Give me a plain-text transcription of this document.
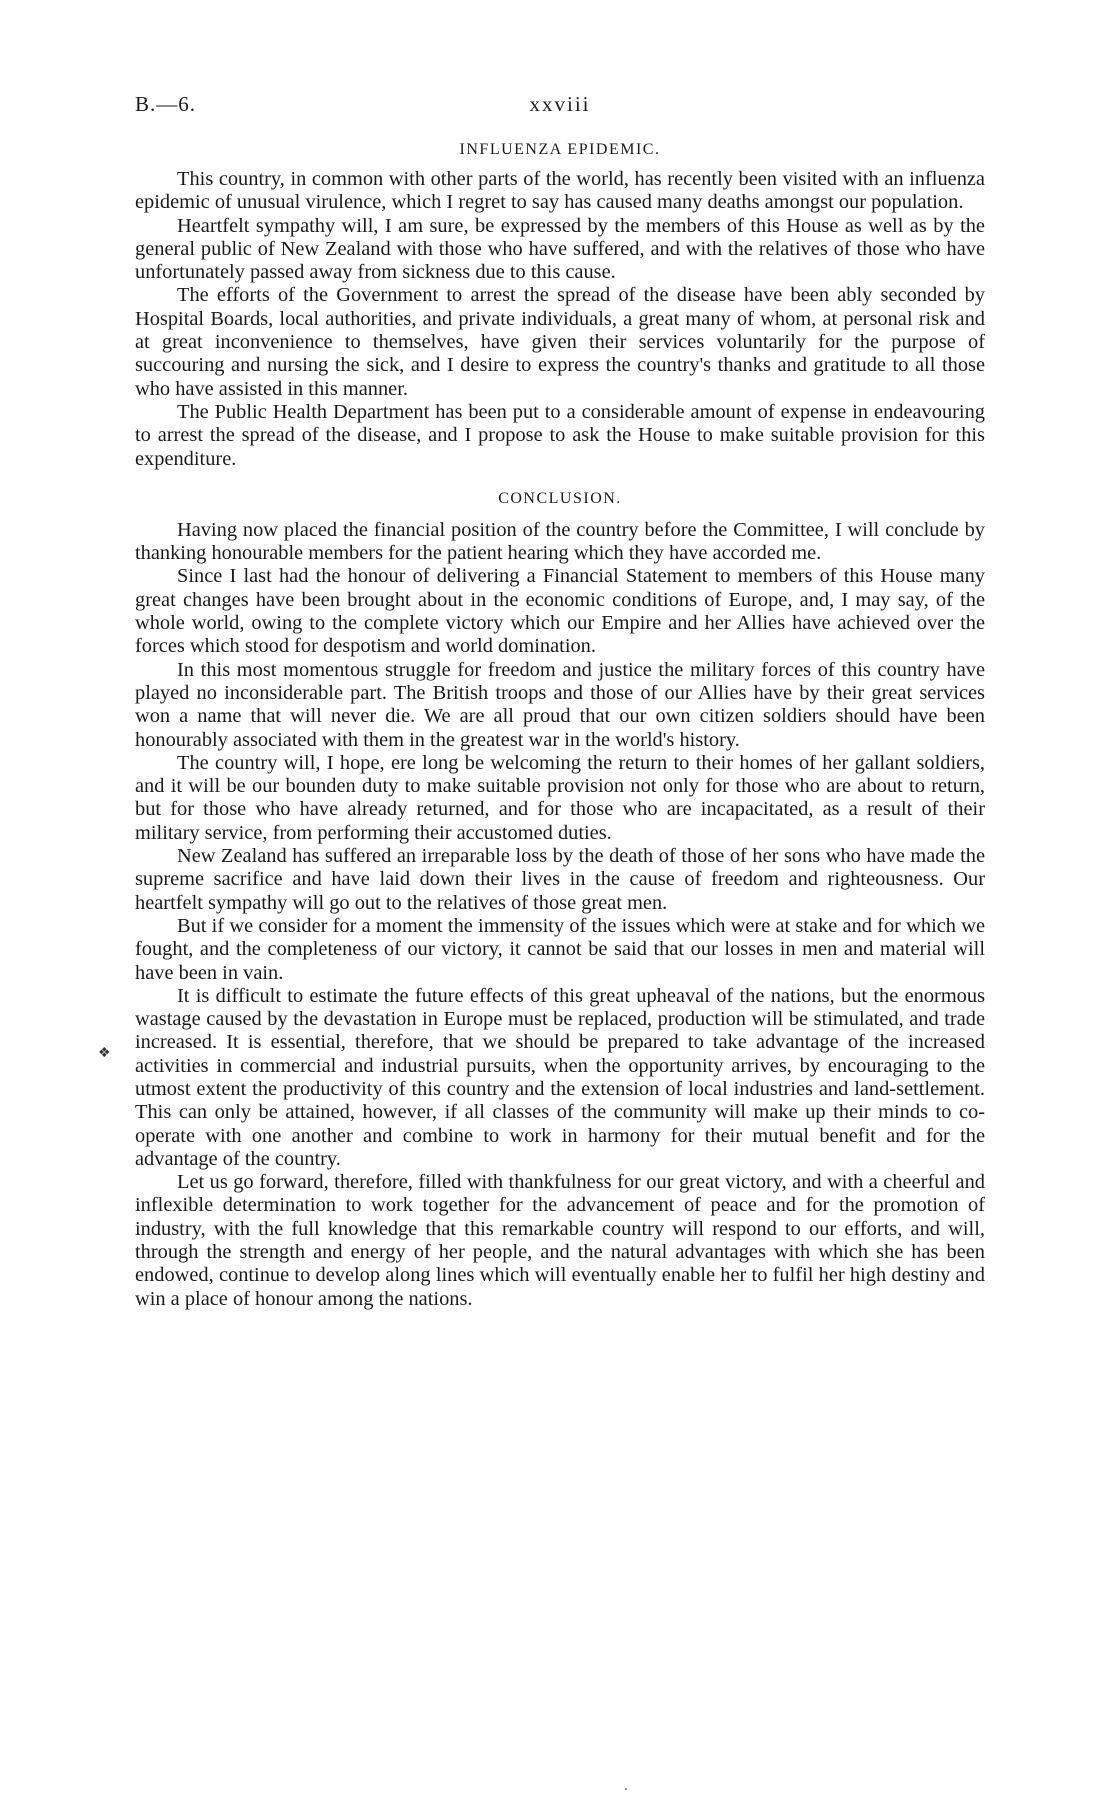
B.—6.	xxviii
INFLUENZA EPIDEMIC.

This country, in common with other parts of the world, has recently been visited with an influenza epidemic of unusual virulence, which I regret to say has caused many deaths amongst our population.

Heartfelt sympathy will, I am sure, be expressed by the members of this House as well as by the general public of New Zealand with those who have suffered, and with the relatives of those who have unfortunately passed away from sickness due to this cause.

The efforts of the Government to arrest the spread of the disease have been ably seconded by Hospital Boards, local authorities, and private individuals, a great many of whom, at personal risk and at great inconvenience to themselves, have given their services voluntarily for the purpose of succouring and nursing the sick, and I desire to express the country's thanks and gratitude to all those who have assisted in this manner.

The Public Health Department has been put to a considerable amount of expense in endeavouring to arrest the spread of the disease, and I propose to ask the House to make suitable provision for this expenditure.

CONCLUSION.

Having now placed the financial position of the country before the Committee, I will conclude by thanking honourable members for the patient hearing which they have accorded me.

Since I last had the honour of delivering a Financial Statement to members of this House many great changes have been brought about in the economic conditions of Europe, and, I may say, of the whole world, owing to the complete victory which our Empire and her Allies have achieved over the forces which stood for despotism and world domination.

In this most momentous struggle for freedom and justice the military forces of this country have played no inconsiderable part. The British troops and those of our Allies have by their great services won a name that will never die. We are all proud that our own citizen soldiers should have been honourably associated with them in the greatest war in the world's history.

The country will, I hope, ere long be welcoming the return to their homes of her gallant soldiers, and it will be our bounden duty to make suitable provision not only for those who are about to return, but for those who have already returned, and for those who are incapacitated, as a result of their military service, from performing their accustomed duties.

New Zealand has suffered an irreparable loss by the death of those of her sons who have made the supreme sacrifice and have laid down their lives in the cause of freedom and righteousness. Our heartfelt sympathy will go out to the relatives of those great men.

But if we consider for a moment the immensity of the issues which were at stake and for which we fought, and the completeness of our victory, it cannot be said that our losses in men and material will have been in vain.

It is difficult to estimate the future effects of this great upheaval of the nations, but the enormous wastage caused by the devastation in Europe must be replaced, production will be stimulated, and trade increased. It is essential, therefore, that we should be prepared to take advantage of the increased activities in commercial and industrial pursuits, when the opportunity arrives, by encouraging to the utmost extent the productivity of this country and the extension of local industries and land-settlement. This can only be attained, however, if all classes of the community will make up their minds to co-operate with one another and combine to work in harmony for their mutual benefit and for the advantage of the country.

Let us go forward, therefore, filled with thankfulness for our great victory, and with a cheerful and inflexible determination to work together for the advancement of peace and for the promotion of industry, with the full knowledge that this remarkable country will respond to our efforts, and will, through the strength and energy of her people, and the natural advantages with which she has been endowed, continue to develop along lines which will eventually enable her to fulfil her high destiny and win a place of honour among the nations.

❖
